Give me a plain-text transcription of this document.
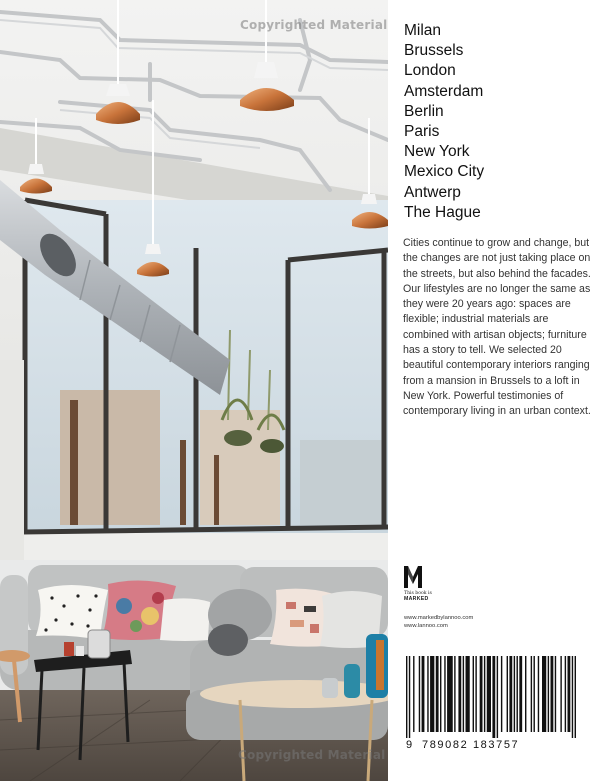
Copyrighted Material
Copyrighted Material
Milan
Brussels
London
Amsterdam
Berlin
Paris
New York
Mexico City
Antwerp
The Hague

Cities continue to grow and change, but the changes are not just taking place on the streets, but also behind the facades. Our lifestyles are no longer the same as they were 20 years ago: spaces are flexible; industrial materials are combined with artisan objects; furniture has a story to tell. We selected 20 beautiful contemporary interiors ranging from a mansion in Brussels to a loft in New York. Powerful testimonies of contemporary living in an urban context.

This book is
MARKED
www.markedbylannoo.com
www.lannoo.com
9 789082 183757
